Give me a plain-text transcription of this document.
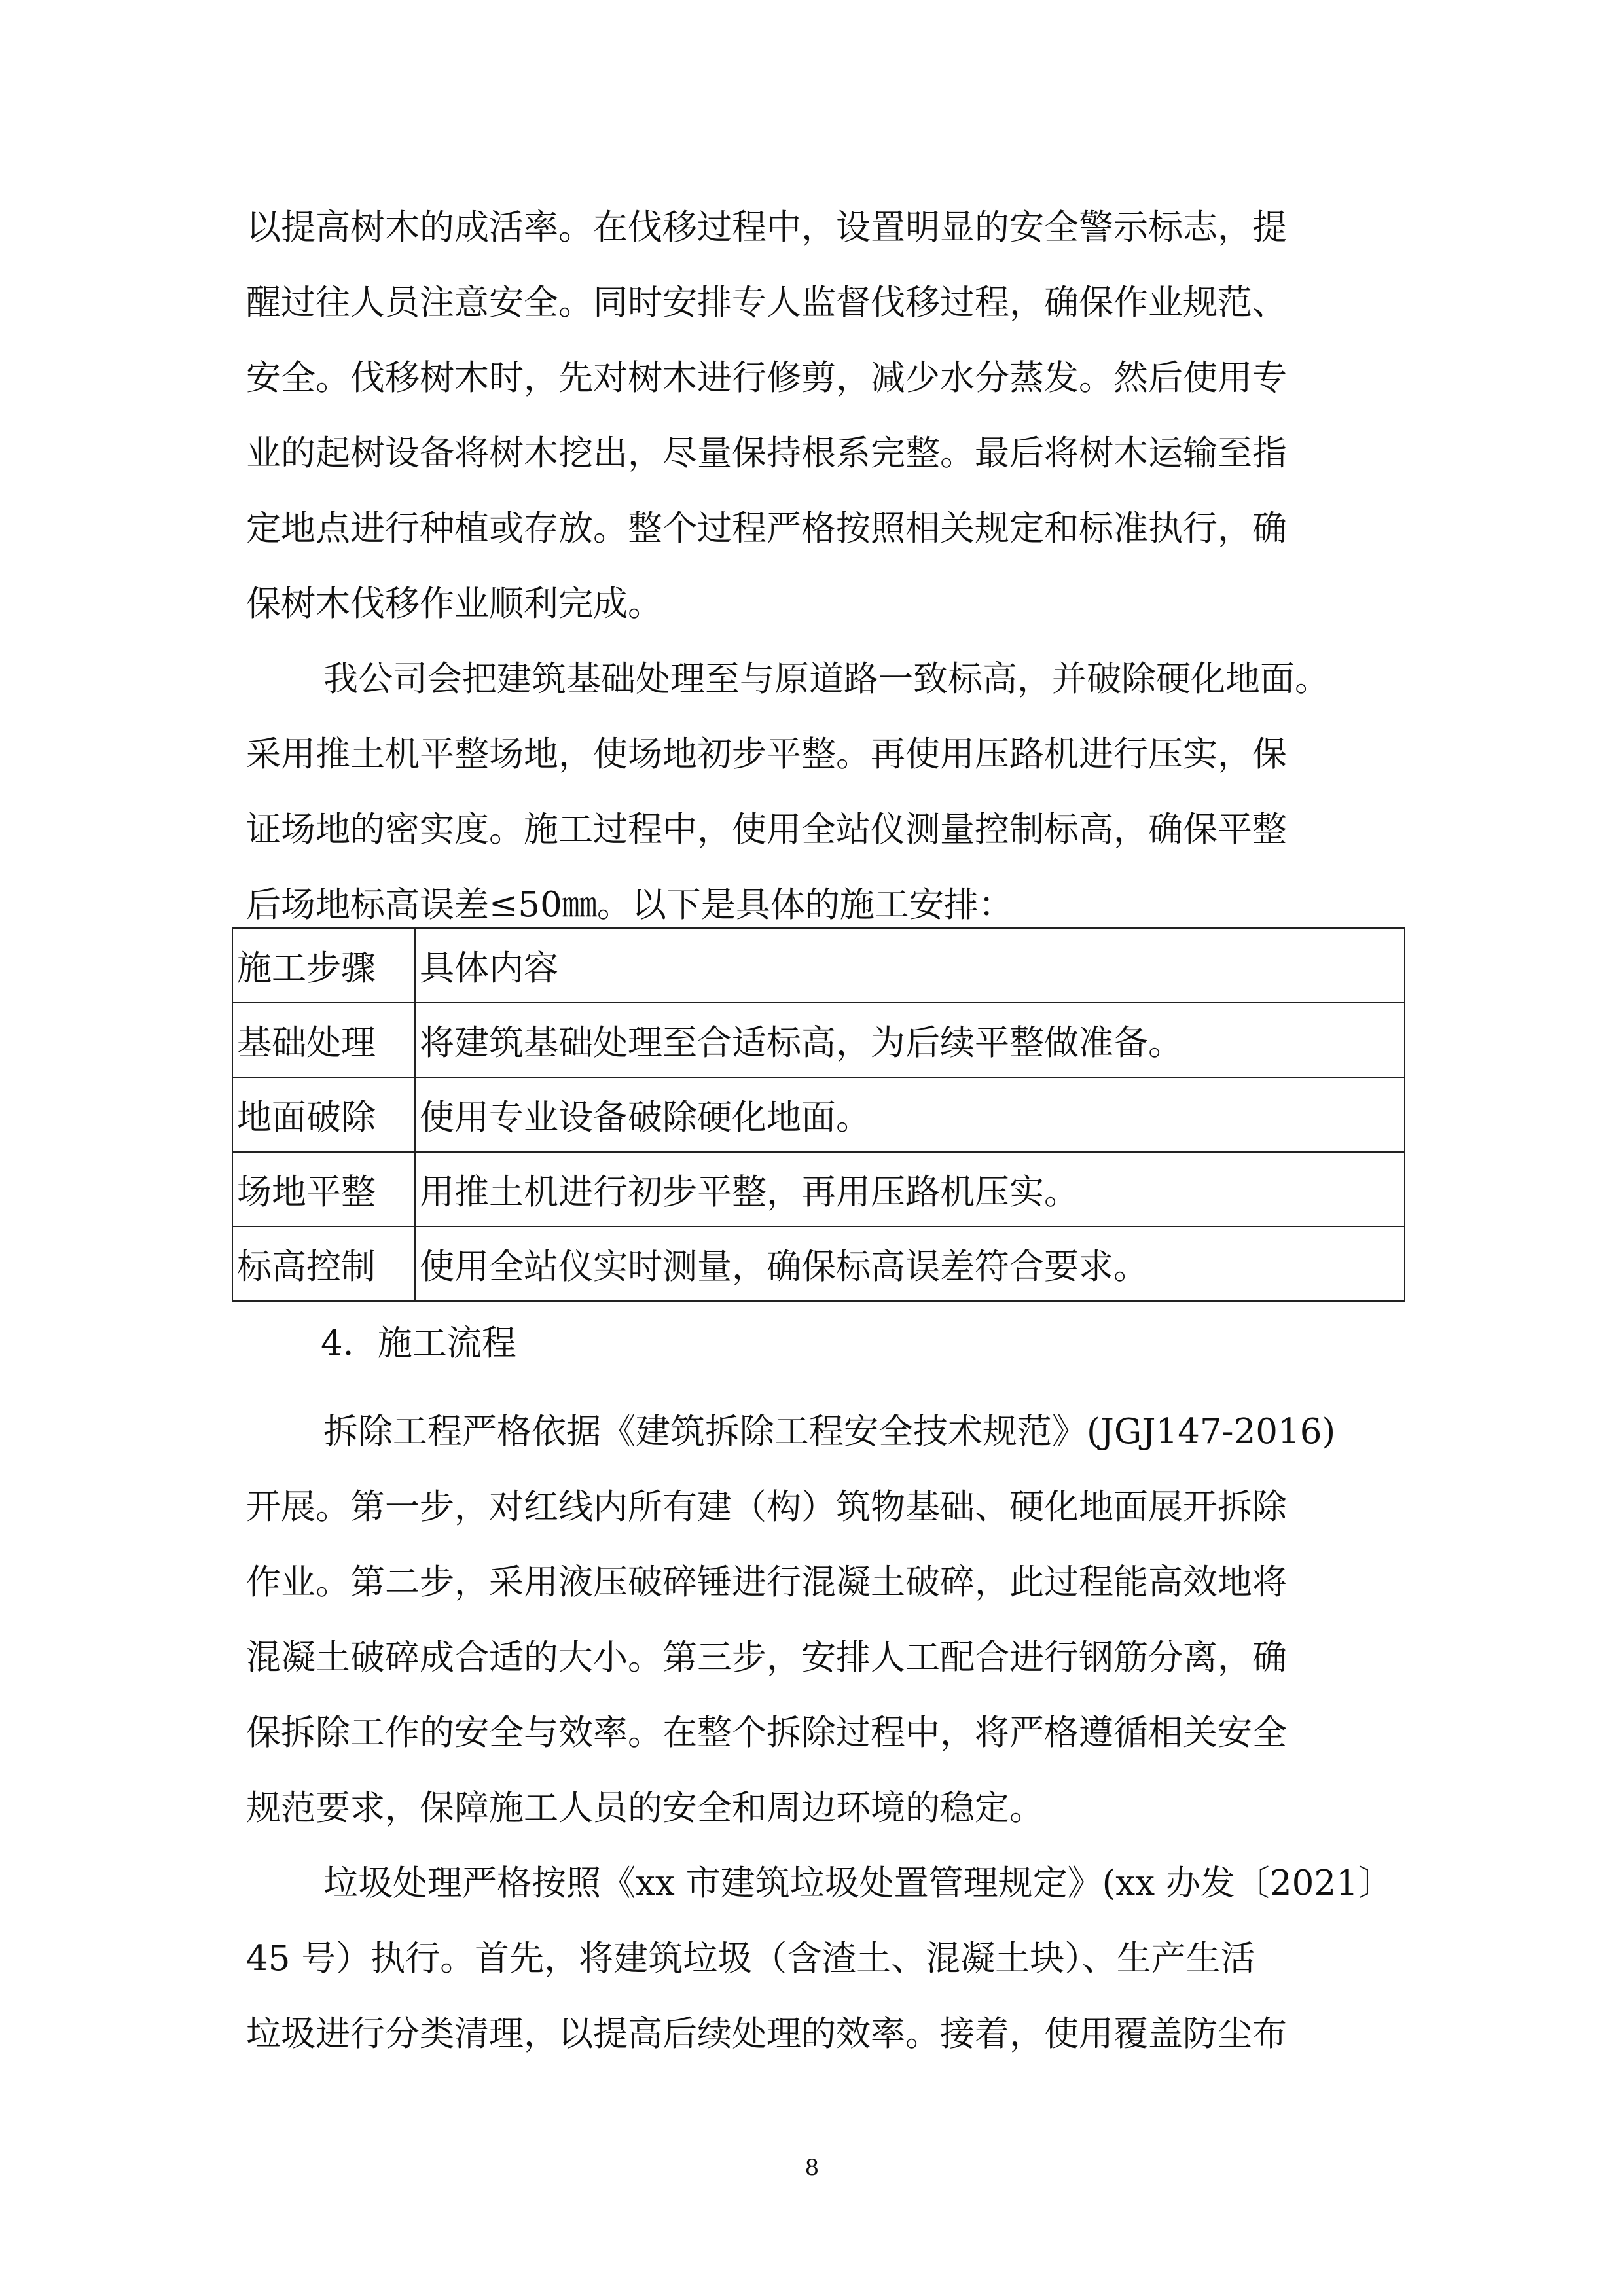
以提高树木的成活率。在伐移过程中，设置明显的安全警示标志，提
醒过往人员注意安全。同时安排专人监督伐移过程，确保作业规范、
安全。伐移树木时，先对树木进行修剪，减少水分蒸发。然后使用专
业的起树设备将树木挖出，尽量保持根系完整。最后将树木运输至指
定地点进行种植或存放。整个过程严格按照相关规定和标准执行，确
保树木伐移作业顺利完成。
我公司会把建筑基础处理至与原道路一致标高，并破除硬化地面。
采用推土机平整场地，使场地初步平整。再使用压路机进行压实，保
证场地的密实度。施工过程中，使用全站仪测量控制标高，确保平整
后场地标高误差≤50㎜。以下是具体的施工安排：
施工步骤	具体内容
基础处理	将建筑基础处理至合适标高，为后续平整做准备。
地面破除	使用专业设备破除硬化地面。
场地平整	用推土机进行初步平整，再用压路机压实。
标高控制	使用全站仪实时测量，确保标高误差符合要求。
4．施工流程
拆除工程严格依据《建筑拆除工程安全技术规范》(JGJ147-2016)
开展。第一步，对红线内所有建（构）筑物基础、硬化地面展开拆除
作业。第二步，采用液压破碎锤进行混凝土破碎，此过程能高效地将
混凝土破碎成合适的大小。第三步，安排人工配合进行钢筋分离，确
保拆除工作的安全与效率。在整个拆除过程中，将严格遵循相关安全
规范要求，保障施工人员的安全和周边环境的稳定。
垃圾处理严格按照《xx 市建筑垃圾处置管理规定》(xx 办发〔2021〕
45 号）执行。首先，将建筑垃圾（含渣土、混凝土块）、生产生活
垃圾进行分类清理，以提高后续处理的效率。接着，使用覆盖防尘布
8
